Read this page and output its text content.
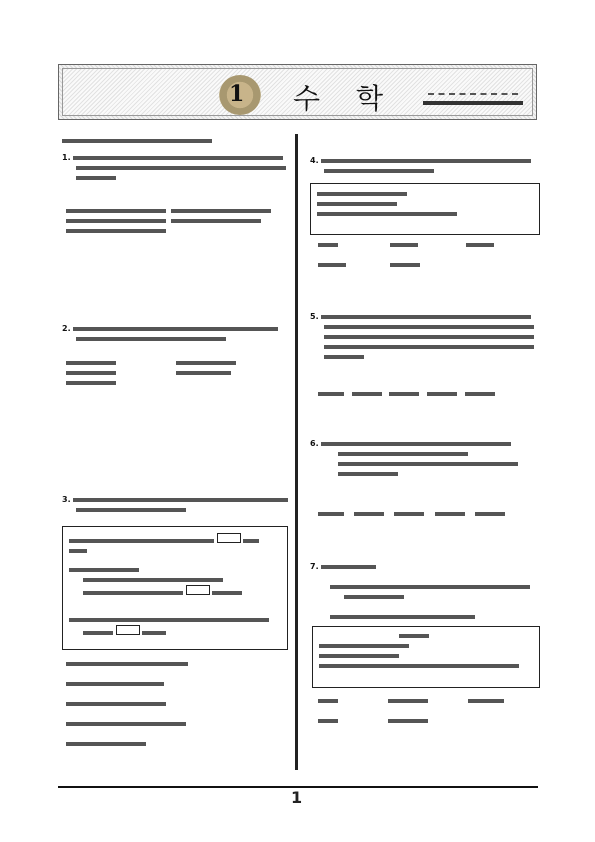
1 수학
1.

2.

3.

4.

5.

6.

7.

1
